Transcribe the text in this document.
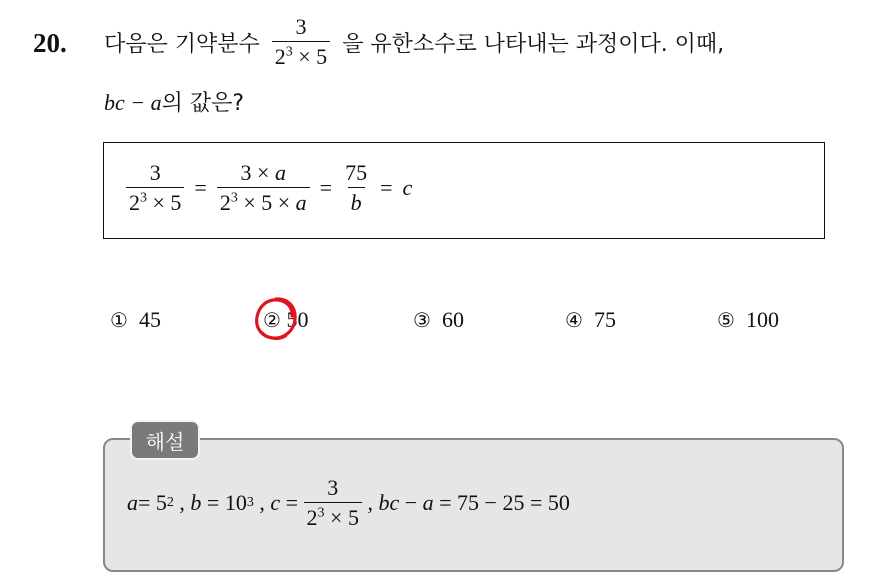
20. 다음은 기약분수 $\frac{3}{2^3 \times 5}$ 을 유한소수로 나타내는 과정이다. 이때,
bc − a의 값은?
$\frac{3}{2^3 \times 5} = \frac{3 \times a}{2^3 \times 5 \times a} = \frac{75}{b} = c$
① 45	② 50	③ 60	④ 75	⑤ 100
a = 5 2 , b = 10 3 , $c = \frac{3}{2^3 \times 5}$ , bc − a = 75 − 25 = 50
해설
